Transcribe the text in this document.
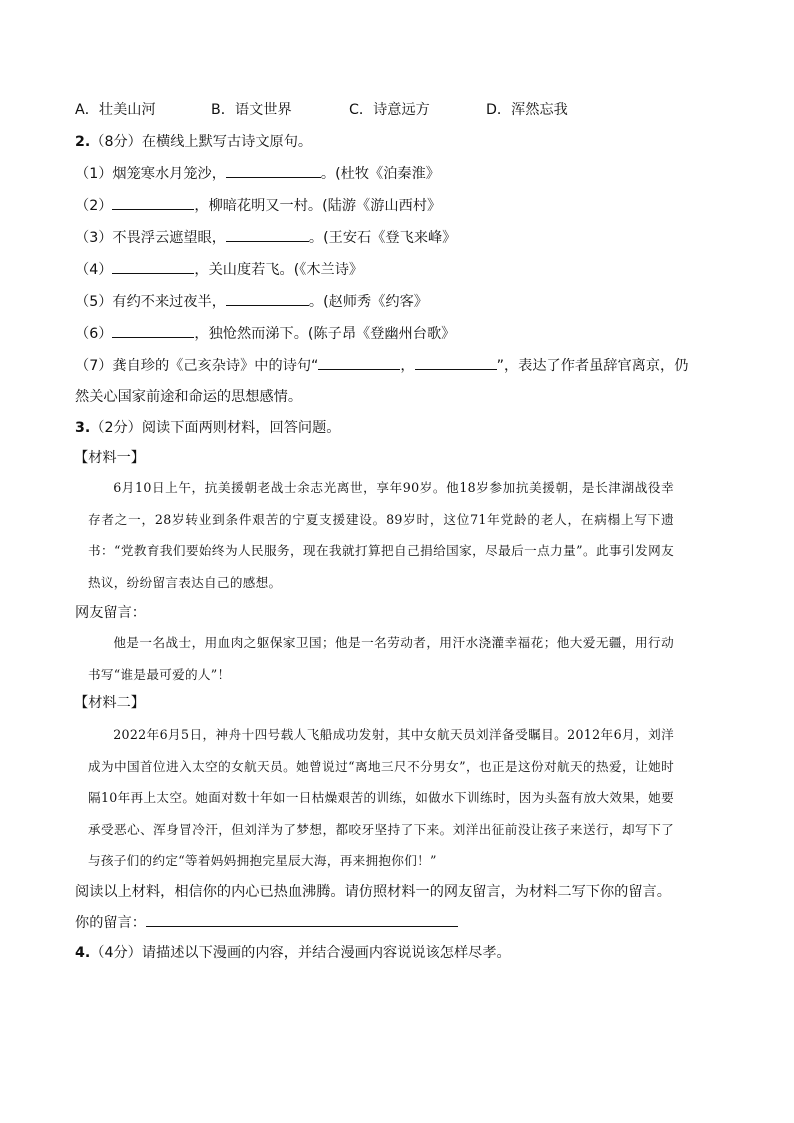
A．壮美山河	B．语文世界	C．诗意远方	D．浑然忘我
2.（8分）在横线上默写古诗文原句。
（1）烟笼寒水月笼沙，	。(杜牧《泊秦淮》
（2）	，柳暗花明又一村。(陆游《游山西村》
（3）不畏浮云遮望眼，	。(王安石《登飞来峰》
（4）	，关山度若飞。(《木兰诗》
（5）有约不来过夜半，	。(赵师秀《约客》
（6）	，独怆然而涕下。(陈子昂《登幽州台歌》
（7）龚自珍的《己亥杂诗》中的诗句“	，	”，表达了作者虽辞官离京，仍
然关心国家前途和命运的思想感情。
3.（2分）阅读下面两则材料，回答问题。
【材料一】
6月10日上午，抗美援朝老战士余志光离世，享年90岁。他18岁参加抗美援朝，是长津湖战役幸存者之一，28岁转业到条件艰苦的宁夏支援建设。89岁时，这位71年党龄的老人，在病榻上写下遗书：“党教育我们要始终为人民服务，现在我就打算把自己捐给国家，尽最后一点力量”。此事引发网友热议，纷纷留言表达自己的感想。
网友留言：
他是一名战士，用血肉之躯保家卫国；他是一名劳动者，用汗水浇灌幸福花；他大爱无疆，用行动书写“谁是最可爱的人”！
【材料二】
2022年6月5日，神舟十四号载人飞船成功发射，其中女航天员刘洋备受瞩目。2012年6月，刘洋成为中国首位进入太空的女航天员。她曾说过“离地三尺不分男女”，也正是这份对航天的热爱，让她时隔10年再上太空。她面对数十年如一日枯燥艰苦的训练，如做水下训练时，因为头盔有放大效果，她要承受恶心、浑身冒冷汗，但刘洋为了梦想，都咬牙坚持了下来。刘洋出征前没让孩子来送行，却写下了与孩子们的约定“等着妈妈拥抱完星辰大海，再来拥抱你们！”
阅读以上材料，相信你的内心已热血沸腾。请仿照材料一的网友留言，为材料二写下你的留言。
你的留言：
4.（4分）请描述以下漫画的内容，并结合漫画内容说说该怎样尽孝。
